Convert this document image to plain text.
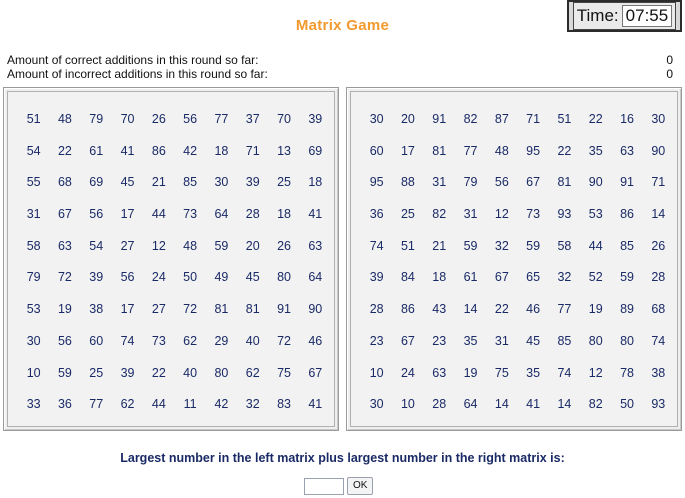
Matrix Game
Time: 07:55
Amount of correct additions in this round so far:	0
Amount of incorrect additions in this round so far:	0
51	48	79	70	26	56	77	37	70	39
54	22	61	41	86	42	18	71	13	69
55	68	69	45	21	85	30	39	25	18
31	67	56	17	44	73	64	28	18	41
58	63	54	27	12	48	59	20	26	63
79	72	39	56	24	50	49	45	80	64
53	19	38	17	27	72	81	81	91	90
30	56	60	74	73	62	29	40	72	46
10	59	25	39	22	40	80	62	75	67
33	36	77	62	44	11	42	32	83	41
30	20	91	82	87	71	51	22	16	30
60	17	81	77	48	95	22	35	63	90
95	88	31	79	56	67	81	90	91	71
36	25	82	31	12	73	93	53	86	14
74	51	21	59	32	59	58	44	85	26
39	84	18	61	67	65	32	52	59	28
28	86	43	14	22	46	77	19	89	68
23	67	23	35	31	45	85	80	80	74
10	24	63	19	75	35	74	12	78	38
30	10	28	64	14	41	14	82	50	93
Largest number in the left matrix plus largest number in the right matrix is:
OK
